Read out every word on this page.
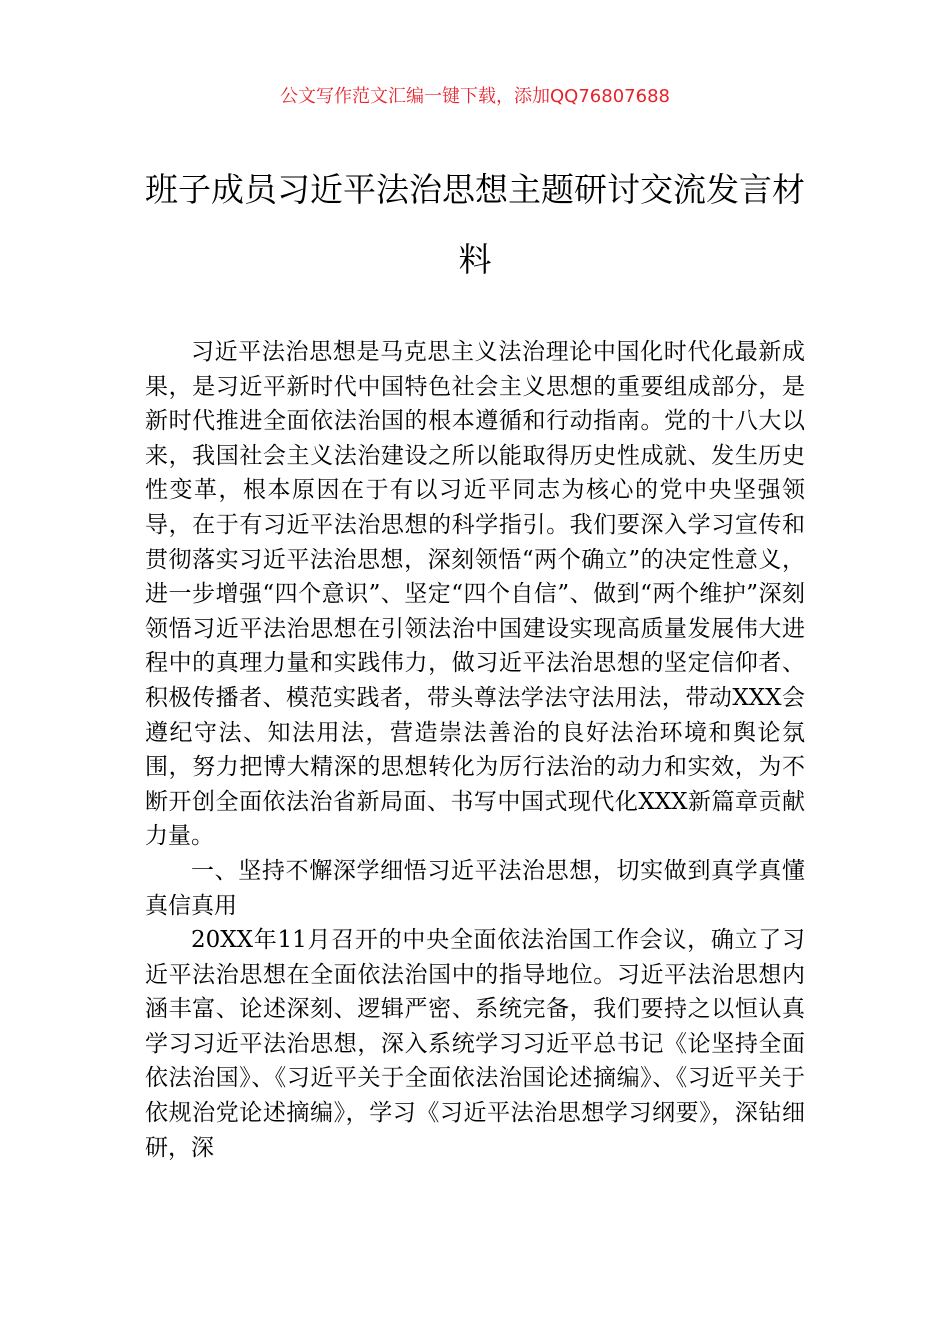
公文写作范文汇编一键下载，添加QQ76807688
班子成员习近平法治思想主题研讨交流发言材料

习近平法治思想是马克思主义法治理论中国化时代化最新成果，是习近平新时代中国特色社会主义思想的重要组成部分，是新时代推进全面依法治国的根本遵循和行动指南。党的十八大以来，我国社会主义法治建设之所以能取得历史性成就、发生历史性变革，根本原因在于有以习近平同志为核心的党中央坚强领导，在于有习近平法治思想的科学指引。我们要深入学习宣传和贯彻落实习近平法治思想，深刻领悟“两个确立”的决定性意义，进一步增强“四个意识”、坚定“四个自信”、做到“两个维护”深刻领悟习近平法治思想在引领法治中国建设实现高质量发展伟大进程中的真理力量和实践伟力，做习近平法治思想的坚定信仰者、积极传播者、模范实践者，带头尊法学法守法用法，带动XXX会遵纪守法、知法用法，营造崇法善治的良好法治环境和舆论氛围，努力把博大精深的思想转化为厉行法治的动力和实效，为不断开创全面依法治省新局面、书写中国式现代化XXX新篇章贡献力量。

一、坚持不懈深学细悟习近平法治思想，切实做到真学真懂真信真用

20XX年11月召开的中央全面依法治国工作会议，确立了习近平法治思想在全面依法治国中的指导地位。习近平法治思想内涵丰富、论述深刻、逻辑严密、系统完备，我们要持之以恒认真学习习近平法治思想，深入系统学习习近平总书记《论坚持全面依法治国》、《习近平关于全面依法治国论述摘编》、《习近平关于依规治党论述摘编》，学习《习近平法治思想学习纲要》，深钻细研，深
